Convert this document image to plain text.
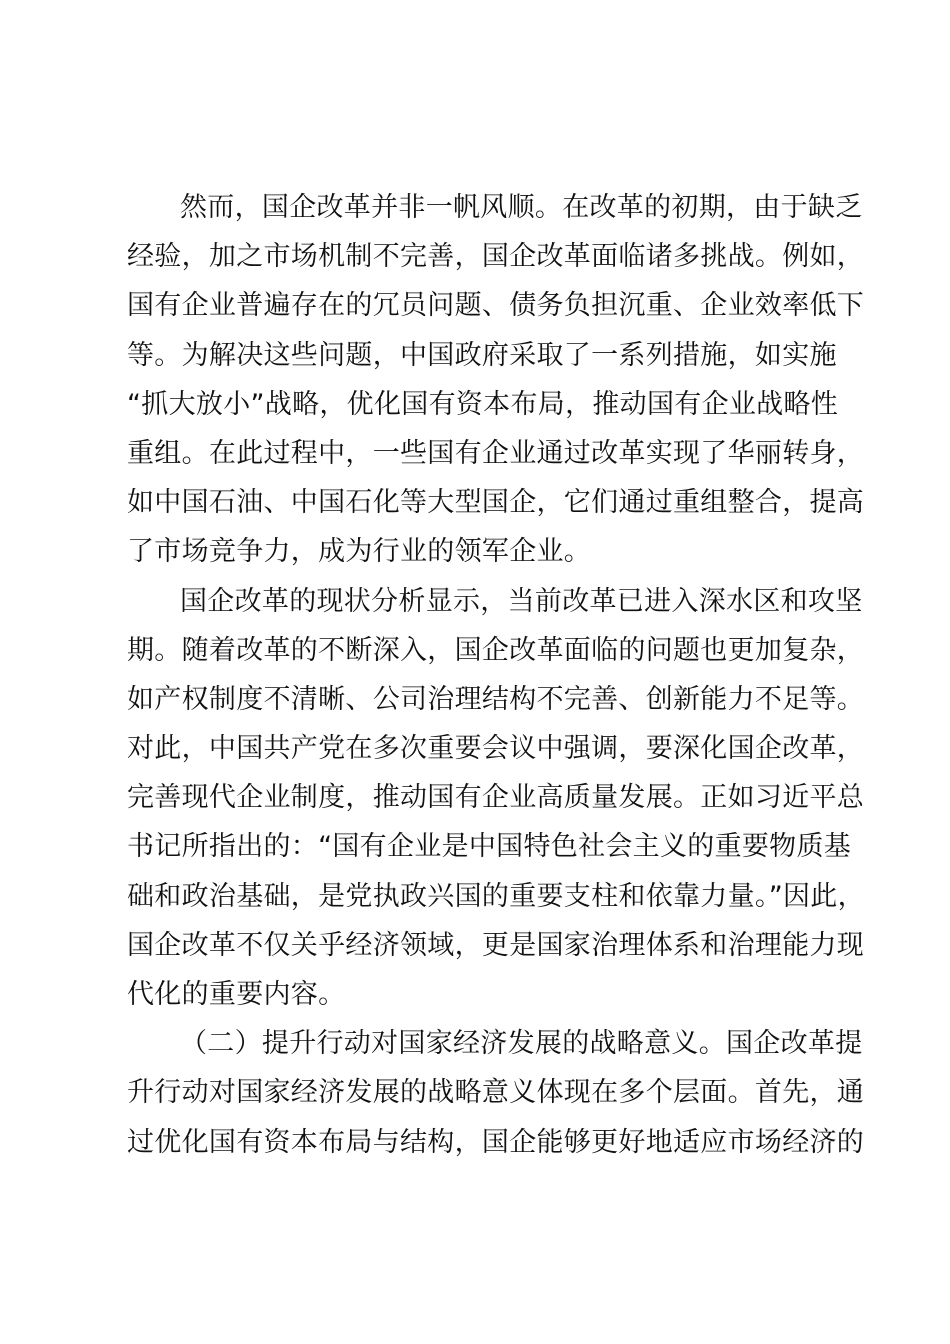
然而，国企改革并非一帆风顺。在改革的初期，由于缺乏
经验，加之市场机制不完善，国企改革面临诸多挑战。例如，
国有企业普遍存在的冗员问题、债务负担沉重、企业效率低下
等。为解决这些问题，中国政府采取了一系列措施，如实施
“抓大放小”战略，优化国有资本布局，推动国有企业战略性
重组。在此过程中，一些国有企业通过改革实现了华丽转身，
如中国石油、中国石化等大型国企，它们通过重组整合，提高
了市场竞争力，成为行业的领军企业。
国企改革的现状分析显示，当前改革已进入深水区和攻坚
期。随着改革的不断深入，国企改革面临的问题也更加复杂，
如产权制度不清晰、公司治理结构不完善、创新能力不足等。
对此，中国共产党在多次重要会议中强调，要深化国企改革，
完善现代企业制度，推动国有企业高质量发展。正如习近平总
书记所指出的：“国有企业是中国特色社会主义的重要物质基
础和政治基础，是党执政兴国的重要支柱和依靠力量。”因此，
国企改革不仅关乎经济领域，更是国家治理体系和治理能力现
代化的重要内容。
（二）提升行动对国家经济发展的战略意义。国企改革提
升行动对国家经济发展的战略意义体现在多个层面。首先，通
过优化国有资本布局与结构，国企能够更好地适应市场经济的
